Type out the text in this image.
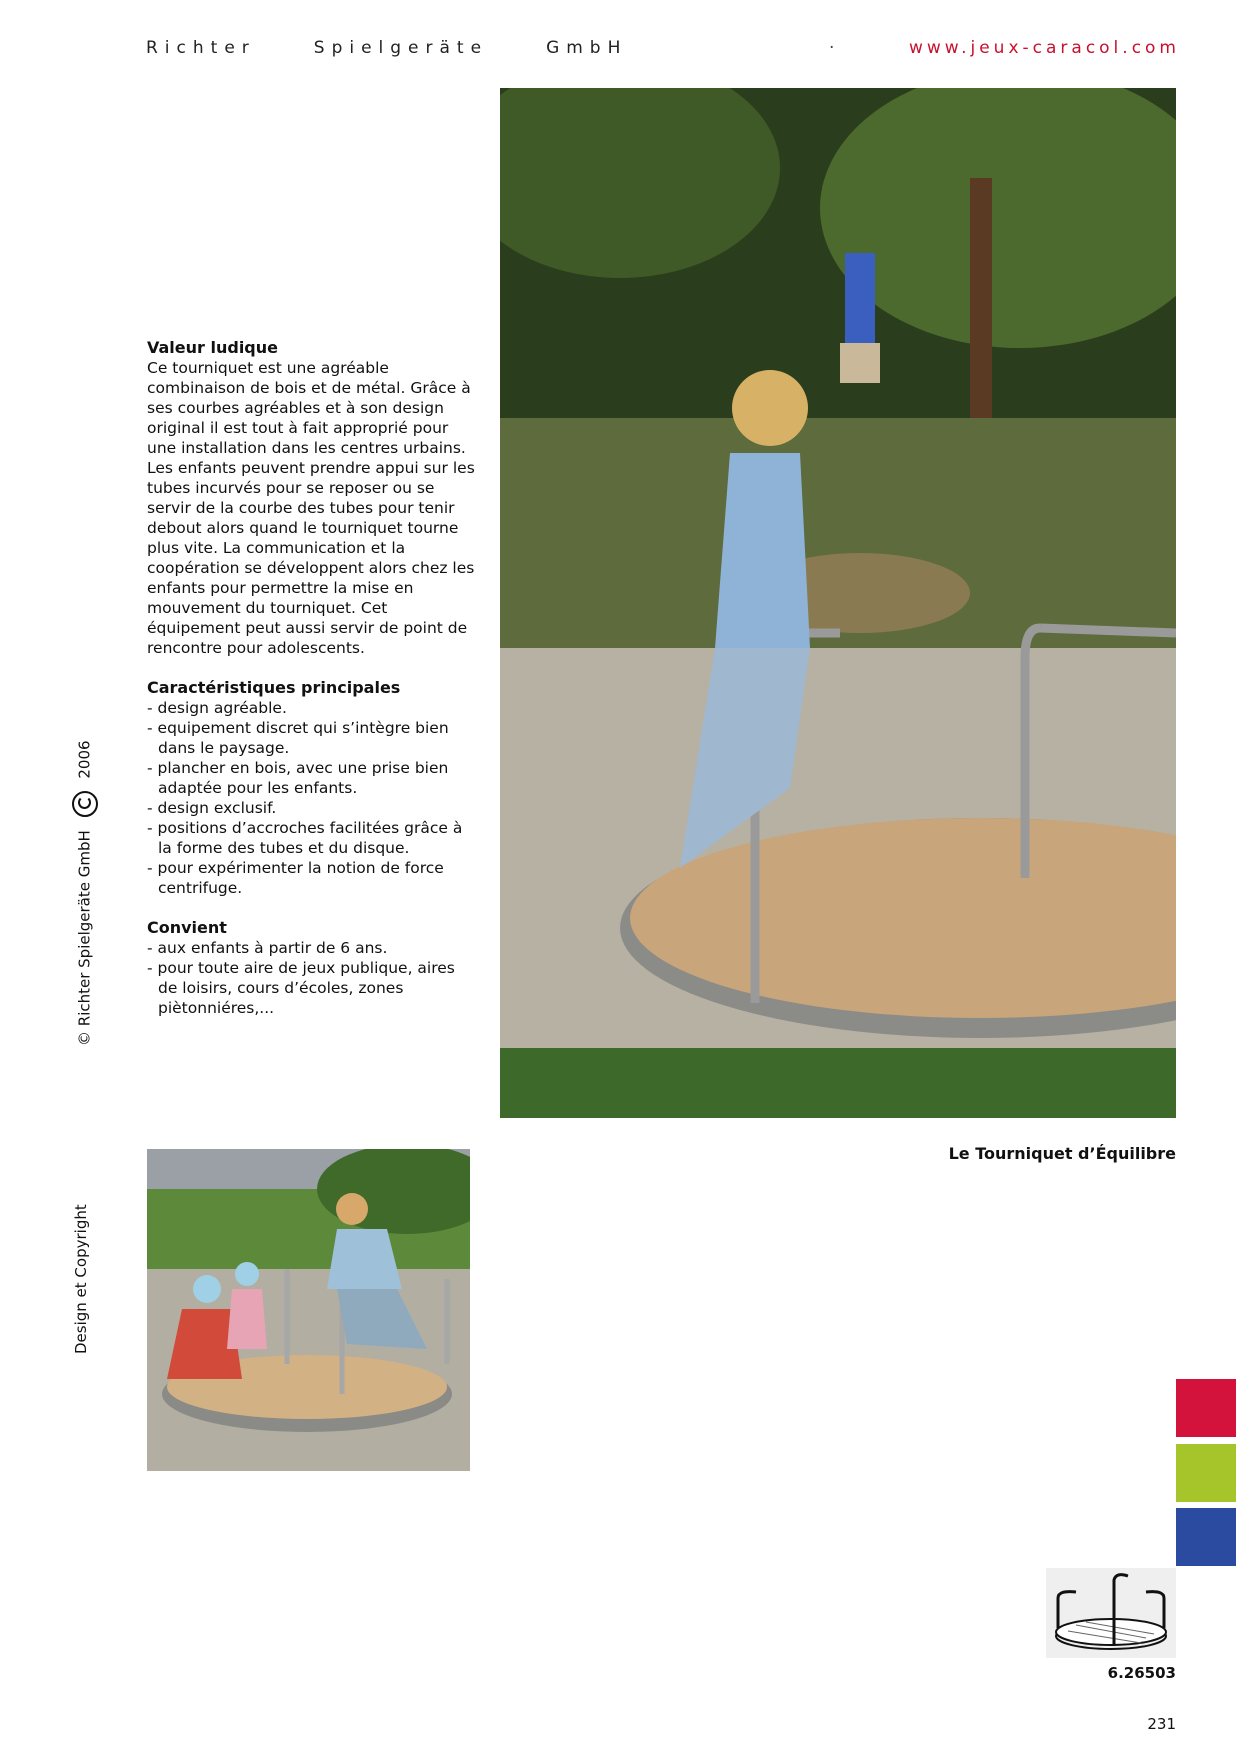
Richter	Spielgeräte	GmbH	·	www.jeux-caracol.com
© Richter Spielgeräte GmbH  2006
Design et Copyright
Valeur ludique

Ce tourniquet est une agréable combinaison de bois et de métal. Grâce à ses courbes agréables et à son design original il est tout à fait approprié pour une installation dans les centres urbains. Les enfants peuvent prendre appui sur les tubes incurvés pour se reposer ou se servir de la courbe des tubes pour tenir debout alors quand le tourniquet tourne plus vite. La communication et la coopération se développent alors chez les enfants pour permettre la mise en mouvement du tourniquet. Cet équipement peut aussi servir de point de rencontre pour adolescents.

Caractéristiques principales
- design agréable.
- equipement discret qui s’intègre bien dans le paysage.
- plancher en bois, avec une prise bien adaptée pour les enfants.
- design exclusif.
- positions d’accroches facilitées grâce à la forme des tubes et du disque.
- pour expérimenter la notion de force centrifuge.
Convient
- aux enfants à partir de 6 ans.
- pour toute aire de jeux publique, aires de loisirs, cours d’écoles, zones piètonniéres,...
Le Tourniquet d’Équilibre
6.26503
231
